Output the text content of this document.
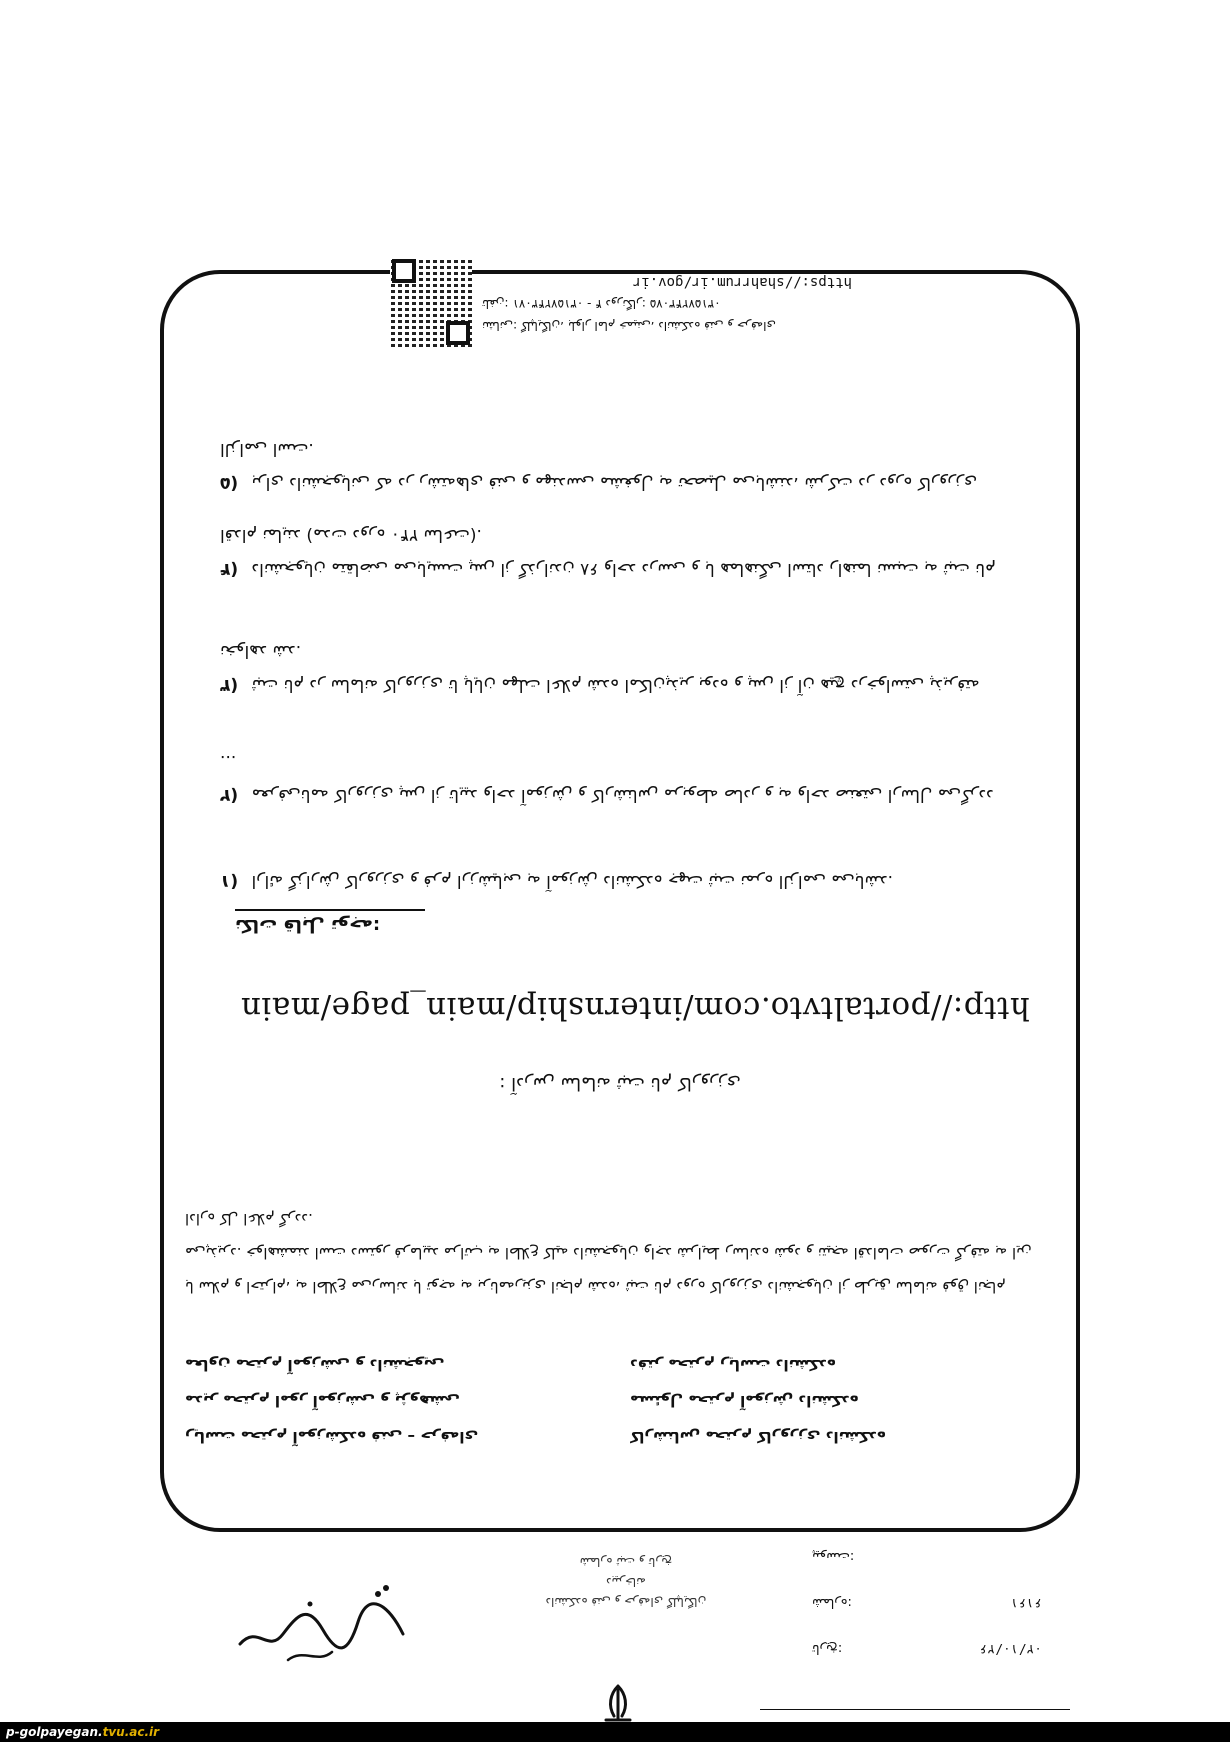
نشانی: گلپایگان، بلوار امام خمینی، دانشکده فنی و حرفه‌ای
تلفن: ۰۳۱۵۷۲۴۳۰۷۱ - ۴ دورنگار: ۰۳۱۵۷۲۴۳۰۷۵
https://shahrrum.ir/gov.ir
۵) برای دانشجویانی که در رشته‌های فنی و مهندسی مشغول به تحصیل می‌باشند، شرکت در دوره کارورزی الزامی است.
۴)	دانشجویان متقاضی می‌بایست پس از گذراندن ۶۸ واحد درسی و با هماهنگی استاد راهنما نسبت به ثبت نام اقدام نمایند (مدت دوره ۲۴۰ ساعت).
۳) ثبت نام در سامانه کارورزی تا پایان مهلت اعلام شده امکان‌پذیر بوده و پس از آن هیچ درخواستی پذیرفته نخواهد شد.
۲) معرفی‌نامه کارورزی پس از تایید واحد آموزش و کارشناس مربوطه صادر و به واحد صنعتی ارسال می‌گردد ...
۱) ارائه گزارش کارورزی و فرم ارزشیابی به آموزش دانشکده جهت ثبت نمره الزامی می‌باشد.
نکات قابل توجه:
http://portaltvto.com/internship/main_page/main
: آدرس سامانه ثبت نام کارورزی
با سلام و احترام، به اطلاع می‌رساند با توجه به برنامه‌ریزی انجام شده، ثبت نام دوره کارورزی دانشجویان از طریق سامانه فوق انجام می‌پذیرد. خواهشمند است دستور فرمایید مراتب به اطلاع کلیه دانشجویان واجد شرایط رسانده شود و نتیجه اقدامات صورت گرفته به این اداره کل اعلام گردد.
ریاست محترم آموزشکده فنی – حرفه‌ای	کارشناس محترم کارورزی دانشکده
مدیر محترم امور آموزشی و پژوهشی	مسئول محترم آموزش دانشکده
معاون محترم آموزشی و دانشجویی	دفتر محترم ریاست دانشکده
دانشکده فنی و حرفه‌ای گلپایگان
دبیرخانه
شماره ثبت و تاریخ
تاریخ:	۰۲/۱۰/۲۶
شماره:	۶۱۶۱
پیوست:
p-golpayegan.tvu.ac.ir
